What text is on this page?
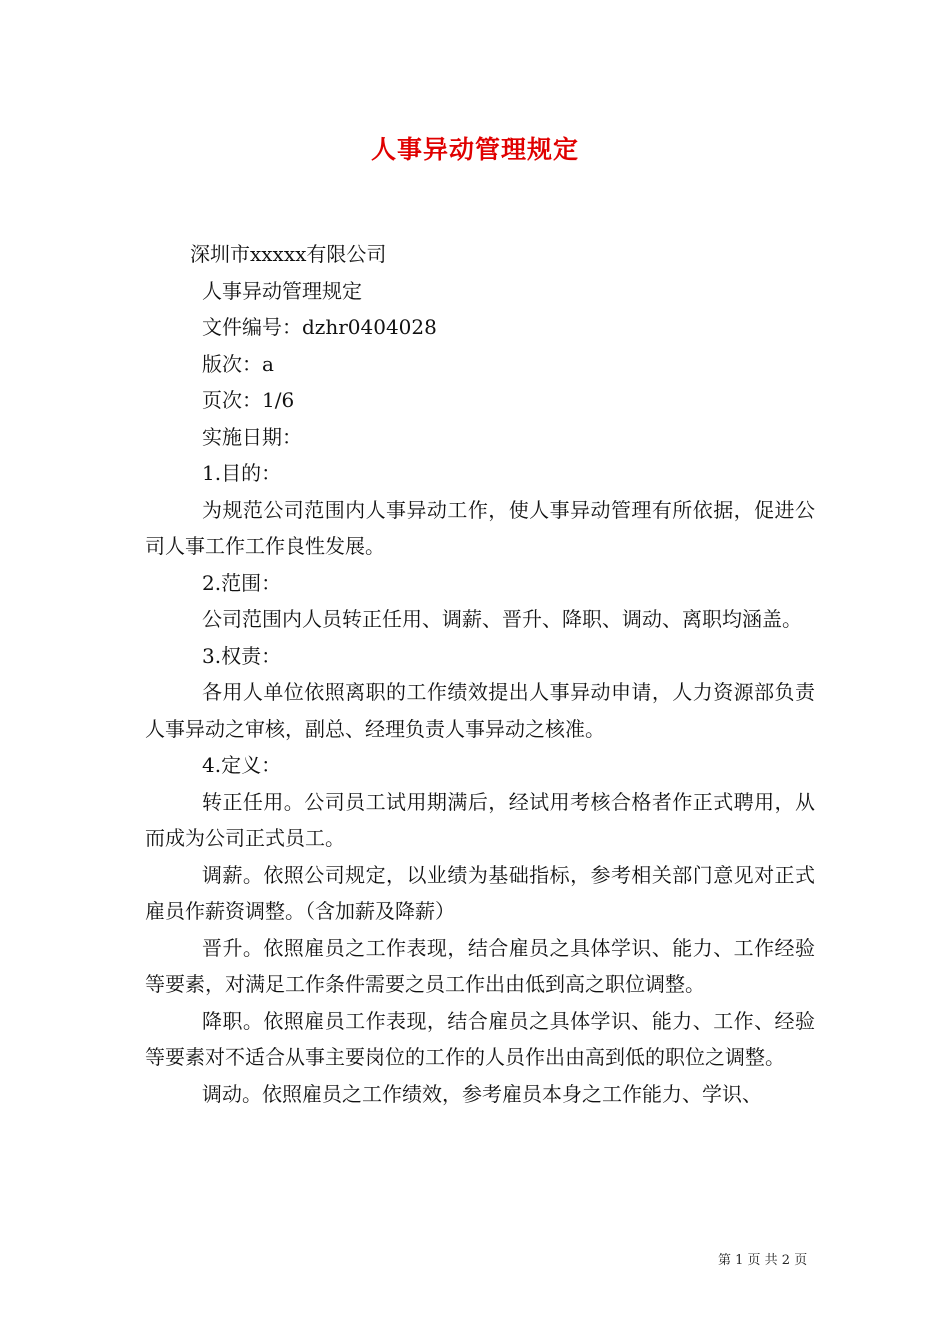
人事异动管理规定
深圳市xxxxx有限公司
人事异动管理规定
文件编号：dzhr0404028
版次：a
页次：1/6
实施日期：
1.目的：

为规范公司范围内人事异动工作，使人事异动管理有所依据，促进公司人事工作工作良性发展。

2.范围：

公司范围内人员转正任用、调薪、晋升、降职、调动、离职均涵盖。

3.权责：

各用人单位依照离职的工作绩效提出人事异动申请，人力资源部负责人事异动之审核，副总、经理负责人事异动之核准。

4.定义：

转正任用。公司员工试用期满后，经试用考核合格者作正式聘用，从而成为公司正式员工。

调薪。依照公司规定，以业绩为基础指标，参考相关部门意见对正式雇员作薪资调整。（含加薪及降薪）

晋升。依照雇员之工作表现，结合雇员之具体学识、能力、工作经验等要素，对满足工作条件需要之员工作出由低到高之职位调整。

降职。依照雇员工作表现，结合雇员之具体学识、能力、工作、经验等要素对不适合从事主要岗位的工作的人员作出由高到低的职位之调整。

调动。依照雇员之工作绩效，参考雇员本身之工作能力、学识、

第 1 页 共 2 页
